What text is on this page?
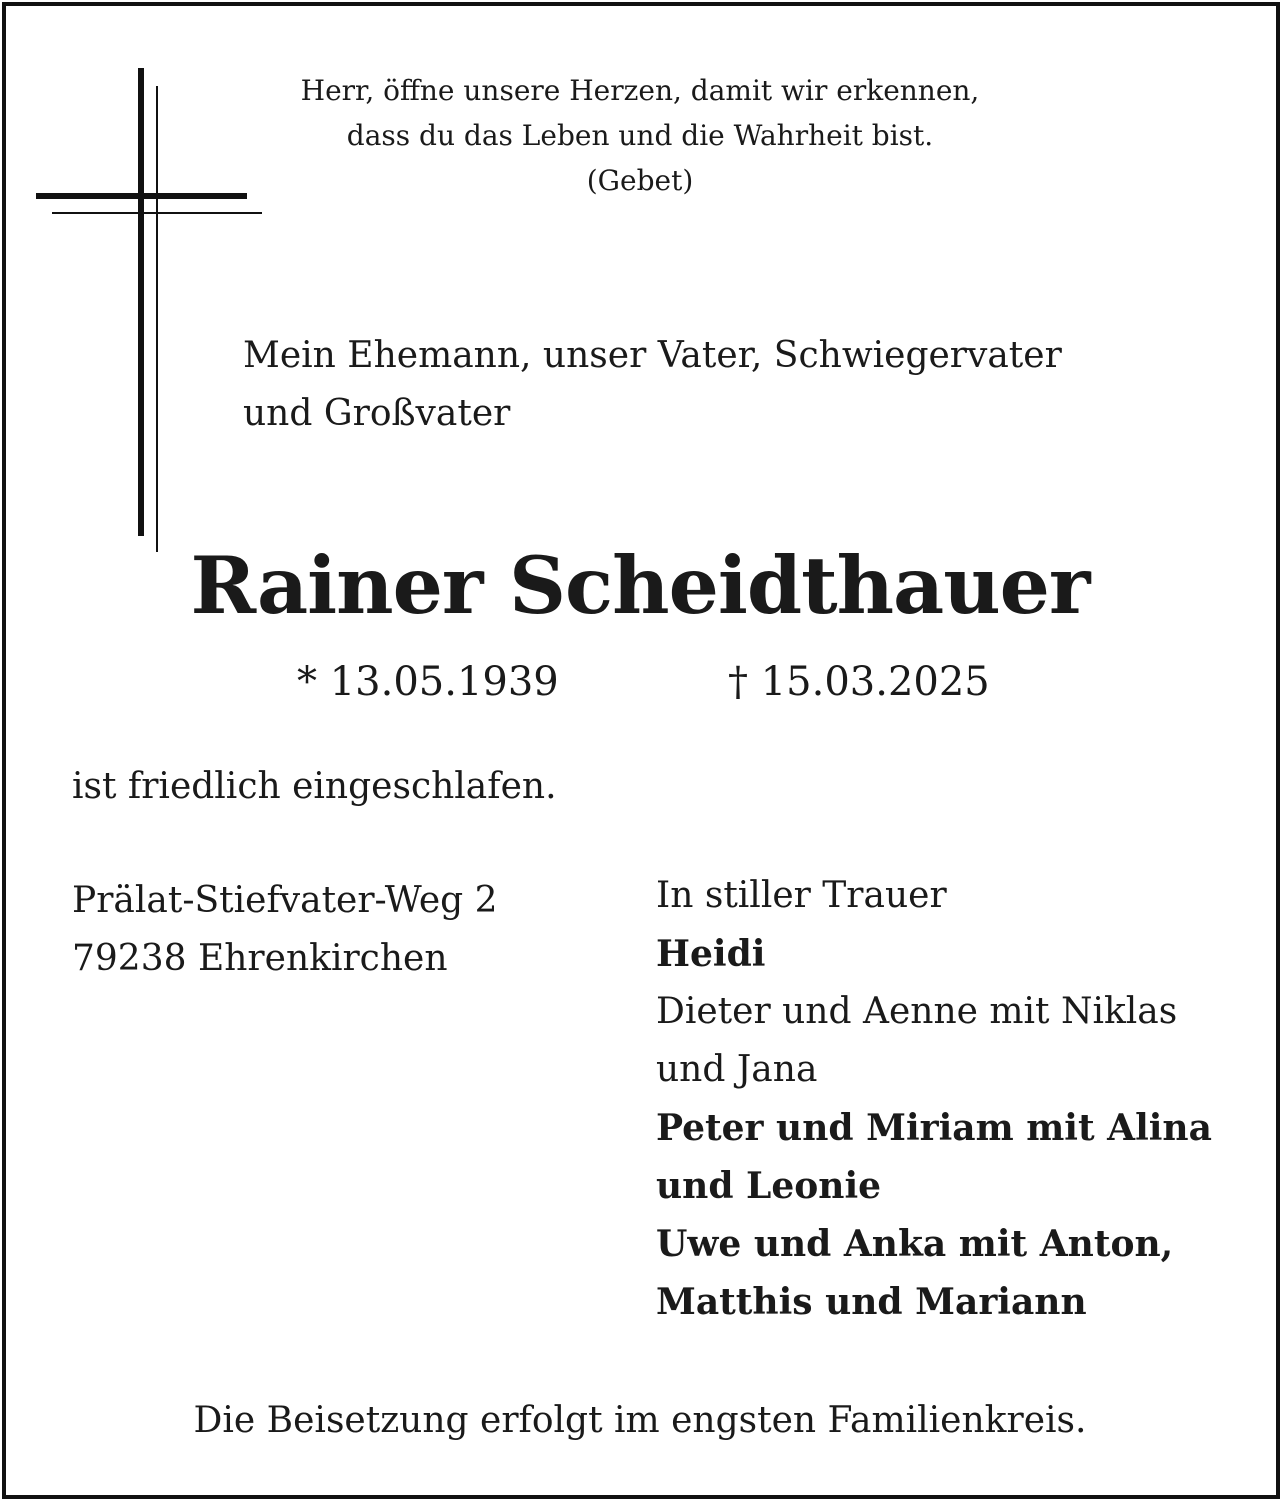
Herr, öffne unsere Herzen, damit wir erkennen,
dass du das Leben und die Wahrheit bist.
(Gebet)
Mein Ehemann, unser Vater, Schwiegervater
und Großvater
Rainer Scheidthauer
* 13.05.1939	† 15.03.2025
ist friedlich eingeschlafen.
Prälat-Stiefvater-Weg 2
79238 Ehrenkirchen
In stiller Trauer
Heidi
Dieter und Aenne mit Niklas
und Jana
Peter und Miriam mit Alina
und Leonie
Uwe und Anka mit Anton,
Matthis und Mariann
Die Beisetzung erfolgt im engsten Familienkreis.
